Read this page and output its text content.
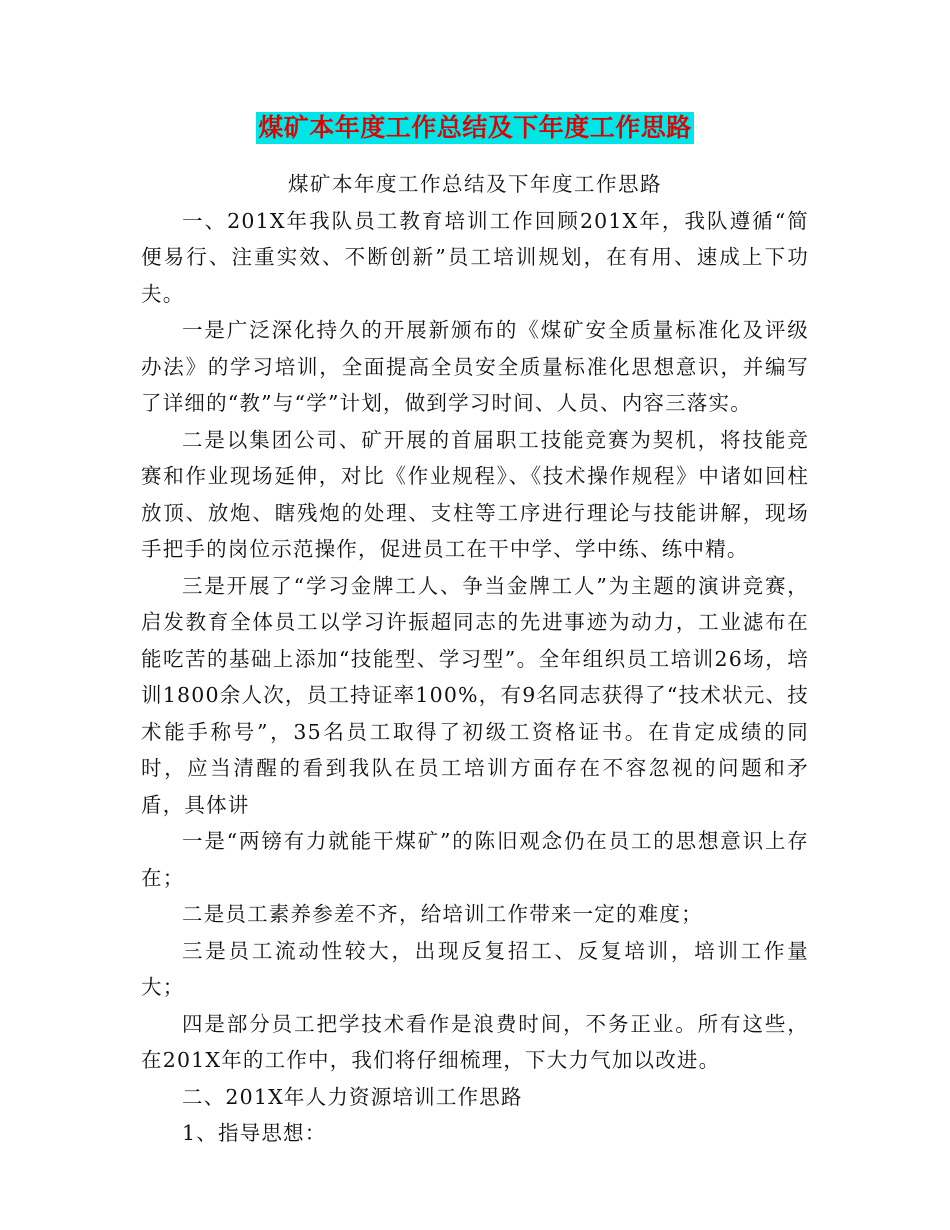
煤矿本年度工作总结及下年度工作思路

煤矿本年度工作总结及下年度工作思路

一、201X年我队员工教育培训工作回顾201X年，我队遵循“简便易行、注重实效、不断创新”员工培训规划，在有用、速成上下功夫。

一是广泛深化持久的开展新颁布的《煤矿安全质量标准化及评级办法》的学习培训，全面提高全员安全质量标准化思想意识，并编写了详细的“教”与“学”计划，做到学习时间、人员、内容三落实。

二是以集团公司、矿开展的首届职工技能竞赛为契机，将技能竞赛和作业现场延伸，对比《作业规程》、《技术操作规程》中诸如回柱放顶、放炮、瞎残炮的处理、支柱等工序进行理论与技能讲解，现场手把手的岗位示范操作，促进员工在干中学、学中练、练中精。

三是开展了“学习金牌工人、争当金牌工人”为主题的演讲竞赛，启发教育全体员工以学习许振超同志的先进事迹为动力，工业滤布在能吃苦的基础上添加“技能型、学习型”。全年组织员工培训26场，培训1800余人次，员工持证率100%，有9名同志获得了“技术状元、技术能手称号”，35名员工取得了初级工资格证书。在肯定成绩的同时，应当清醒的看到我队在员工培训方面存在不容忽视的问题和矛盾，具体讲

一是“两镑有力就能干煤矿”的陈旧观念仍在员工的思想意识上存在；

二是员工素养参差不齐，给培训工作带来一定的难度；

三是员工流动性较大，出现反复招工、反复培训，培训工作量大；

四是部分员工把学技术看作是浪费时间，不务正业。所有这些，在201X年的工作中，我们将仔细梳理，下大力气加以改进。

二、201X年人力资源培训工作思路

1、指导思想：
